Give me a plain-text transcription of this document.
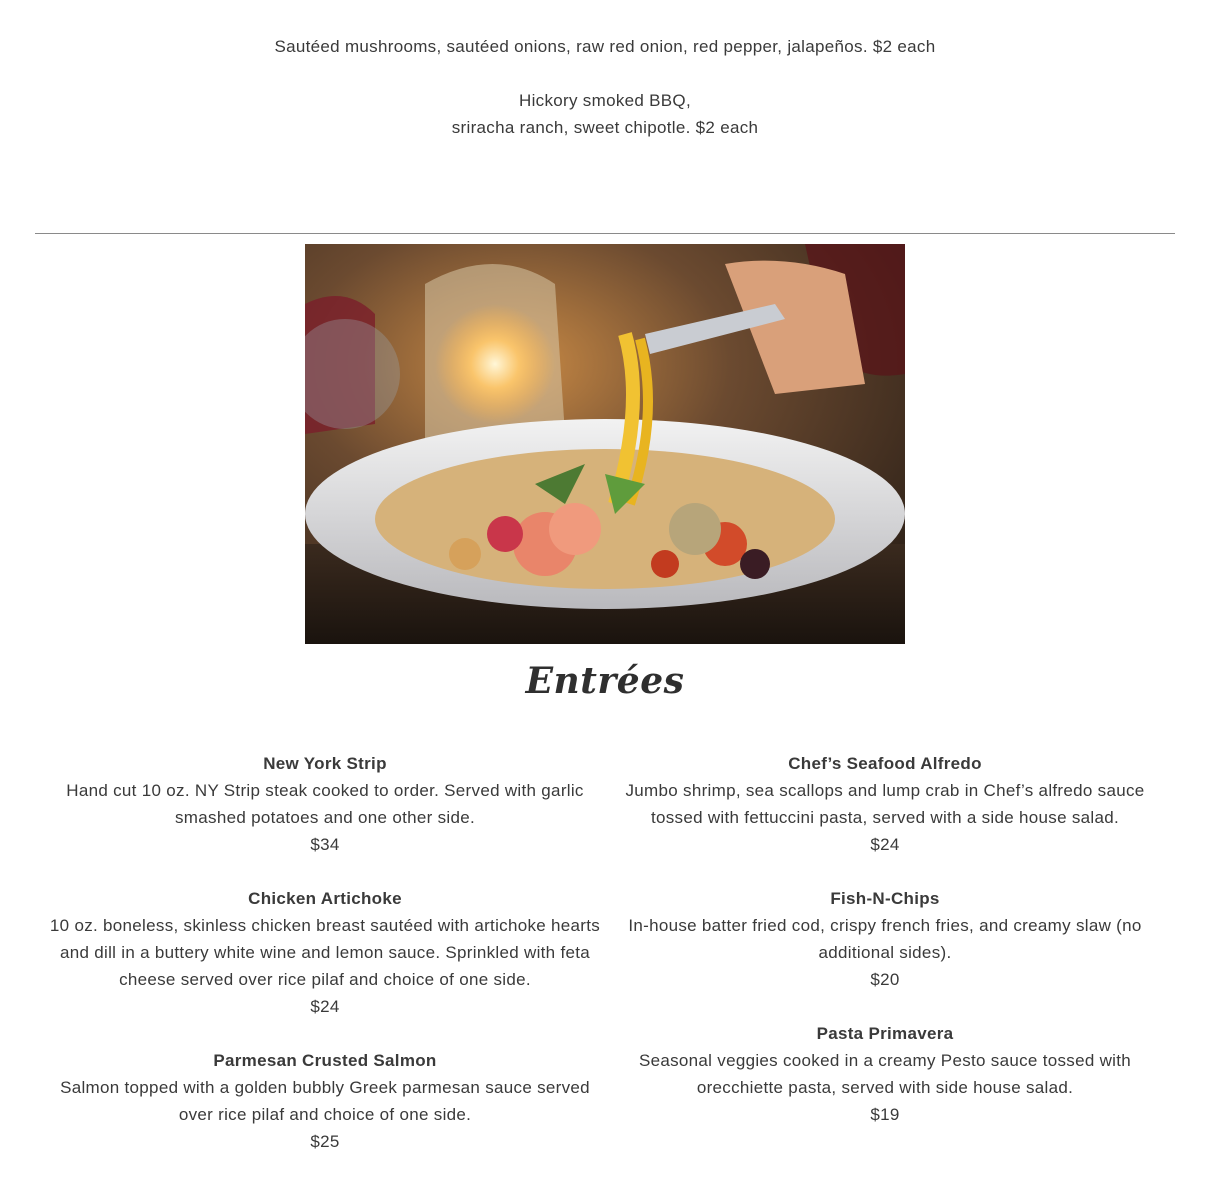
Sautéed mushrooms, sautéed onions, raw red onion, red pepper, jalapeños. $2 each

Hickory smoked BBQ,

sriracha ranch, sweet chipotle. $2 each

Entrées

New York Strip

Hand cut 10 oz. NY Strip steak cooked to order. Served with garlic smashed potatoes and one other side.

$34

Chicken Artichoke

10 oz. boneless, skinless chicken breast sautéed with artichoke hearts and dill in a buttery white wine and lemon sauce. Sprinkled with feta cheese served over rice pilaf and choice of one side.

$24

Parmesan Crusted Salmon

Salmon topped with a golden bubbly Greek parmesan sauce served over rice pilaf and choice of one side.

$25

Chef’s Seafood Alfredo

Jumbo shrimp, sea scallops and lump crab in Chef’s alfredo sauce tossed with fettuccini pasta, served with a side house salad.

$24

Fish-N-Chips

In-house batter fried cod, crispy french fries, and creamy slaw (no additional sides).

$20

Pasta Primavera

Seasonal veggies cooked in a creamy Pesto sauce tossed with orecchiette pasta, served with side house salad.

$19
